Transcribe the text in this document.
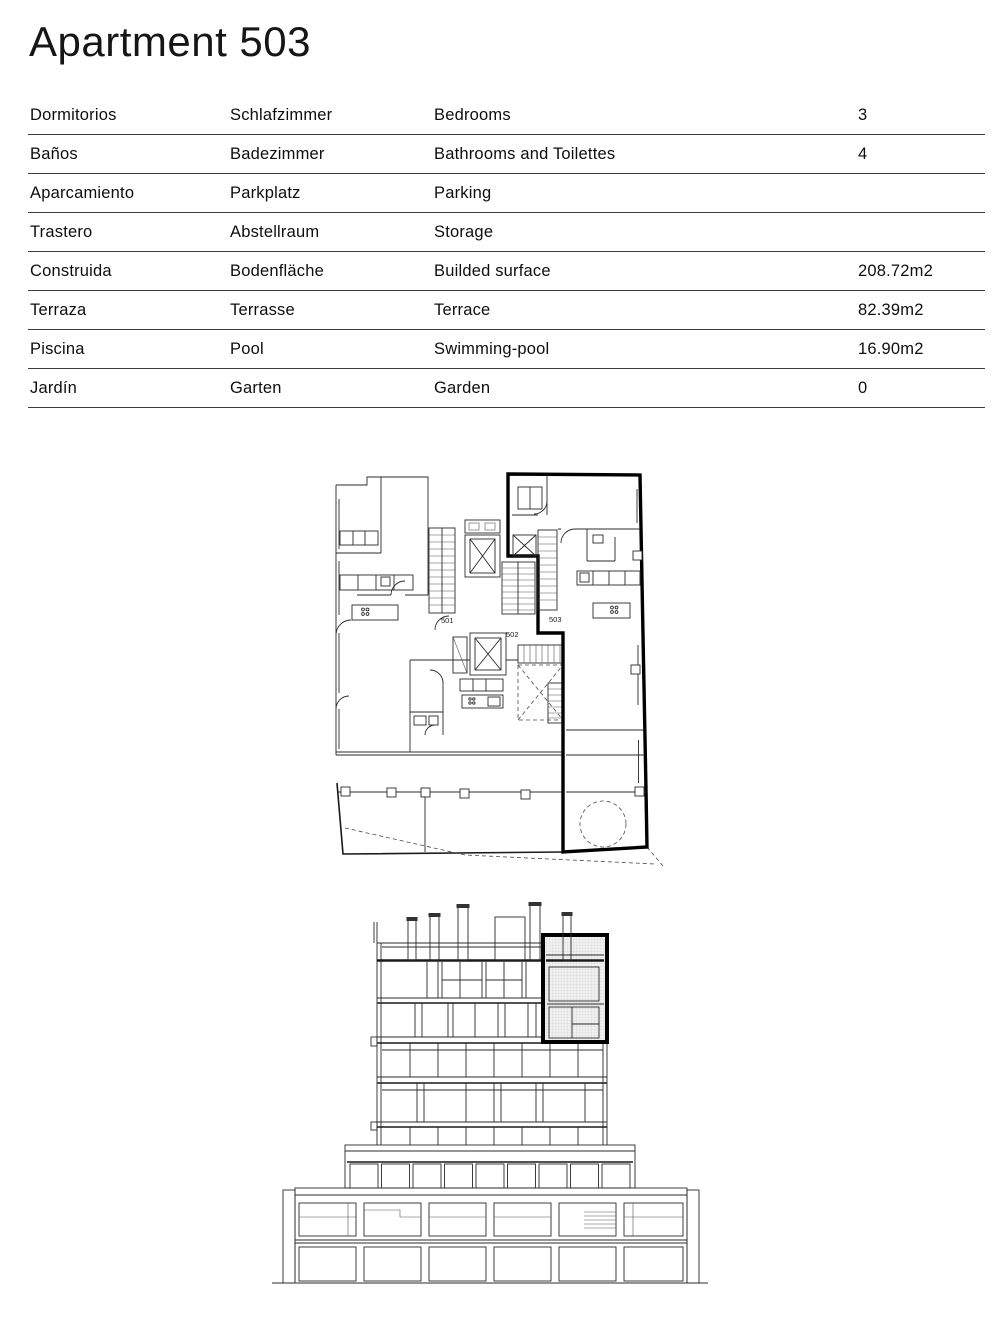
Apartment 503
Dormitorios	Schlafzimmer	Bedrooms	3
Baños	Badezimmer	Bathrooms and Toilettes	4
Aparcamiento	Parkplatz	Parking	
Trastero	Abstellraum	Storage	
Construida	Bodenfläche	Builded surface	208.72m2
Terraza	Terrasse	Terrace	82.39m2
Piscina	Pool	Swimming-pool	16.90m2
Jardín	Garten	Garden	0
501
502
503
